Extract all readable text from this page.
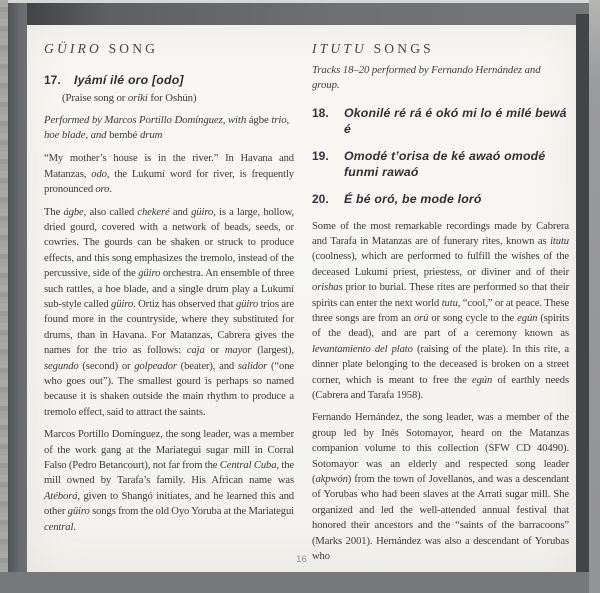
GÜIRO SONG
17.	Iyámí ilé oro [odo]
(Praise song or oriki for Oshún)

Performed by Marcos Portillo Domínguez, with ágbe trio, hoe blade, and bembé drum

“My mother’s house is in the river.” In Havana and Matanzas, odo, the Lukumí word for river, is frequently pronounced oro.

The ágbe, also called chekeré and güiro, is a large, hollow, dried gourd, covered with a network of beads, seeds, or cowries. The gourds can be shaken or struck to produce effects, and this song emphasizes the tremolo, instead of the percussive, side of the güiro orchestra. An ensemble of three such rattles, a hoe blade, and a single drum play a Lukumí sub-style called güiro. Ortiz has observed that güiro trios are found more in the countryside, where they substituted for drums, than in Havana. For Matanzas, Cabrera gives the names for the trio as follows: caja or mayor (largest), segundo (second) or golpeador (beater), and salidor (“one who goes out”). The smallest gourd is perhaps so named because it is shaken outside the main rhythm to produce a tremolo effect, said to attract the saints.

Marcos Portillo Domínguez, the song leader, was a member of the work gang at the Mariategui sugar mill in Corral Falso (Pedro Betancourt), not far from the Central Cuba, the mill owned by Tarafa’s family. His African name was Atéborá, given to Shangó initiates, and he learned this and other güiro songs from the old Oyo Yoruba at the Mariategui central.

ITUTU SONGS

Tracks 18–20 performed by Fernando Hernández and group.

18.	Okonilé ré rá é okó mi lo é milé bewá é
19.	Omodé t’orisa de ké awaó omodé funmi rawaó
20.	É bé oró, be mode loró

Some of the most remarkable recordings made by Cabrera and Tarafa in Matanzas are of funerary rites, known as itutu (coolness), which are performed to fulfill the wishes of the deceased Lukumí priest, priestess, or diviner and of their orishas prior to burial. These rites are performed so that their spirits can enter the next world tutu, “cool,” or at peace. These three songs are from an orú or song cycle to the egún (spirits of the dead), and are part of a ceremony known as levantamiento del plato (raising of the plate). In this rite, a dinner plate belonging to the deceased is broken on a street corner, which is meant to free the egún of earthly needs (Cabrera and Tarafa 1958).

Fernando Hernández, the song leader, was a member of the group led by Inés Sotomayor, heard on the Matanzas companion volume to this collection (SFW CD 40490). Sotomayor was an elderly and respected song leader (akpwón) from the town of Jovellanos, and was a descendant of Yorubas who had been slaves at the Arrati sugar mill. She organized and led the well-attended annual festival that honored their ancestors and the “saints of the barracoons” (Marks 2001). Hernández was also a descendant of Yorubas who

16
